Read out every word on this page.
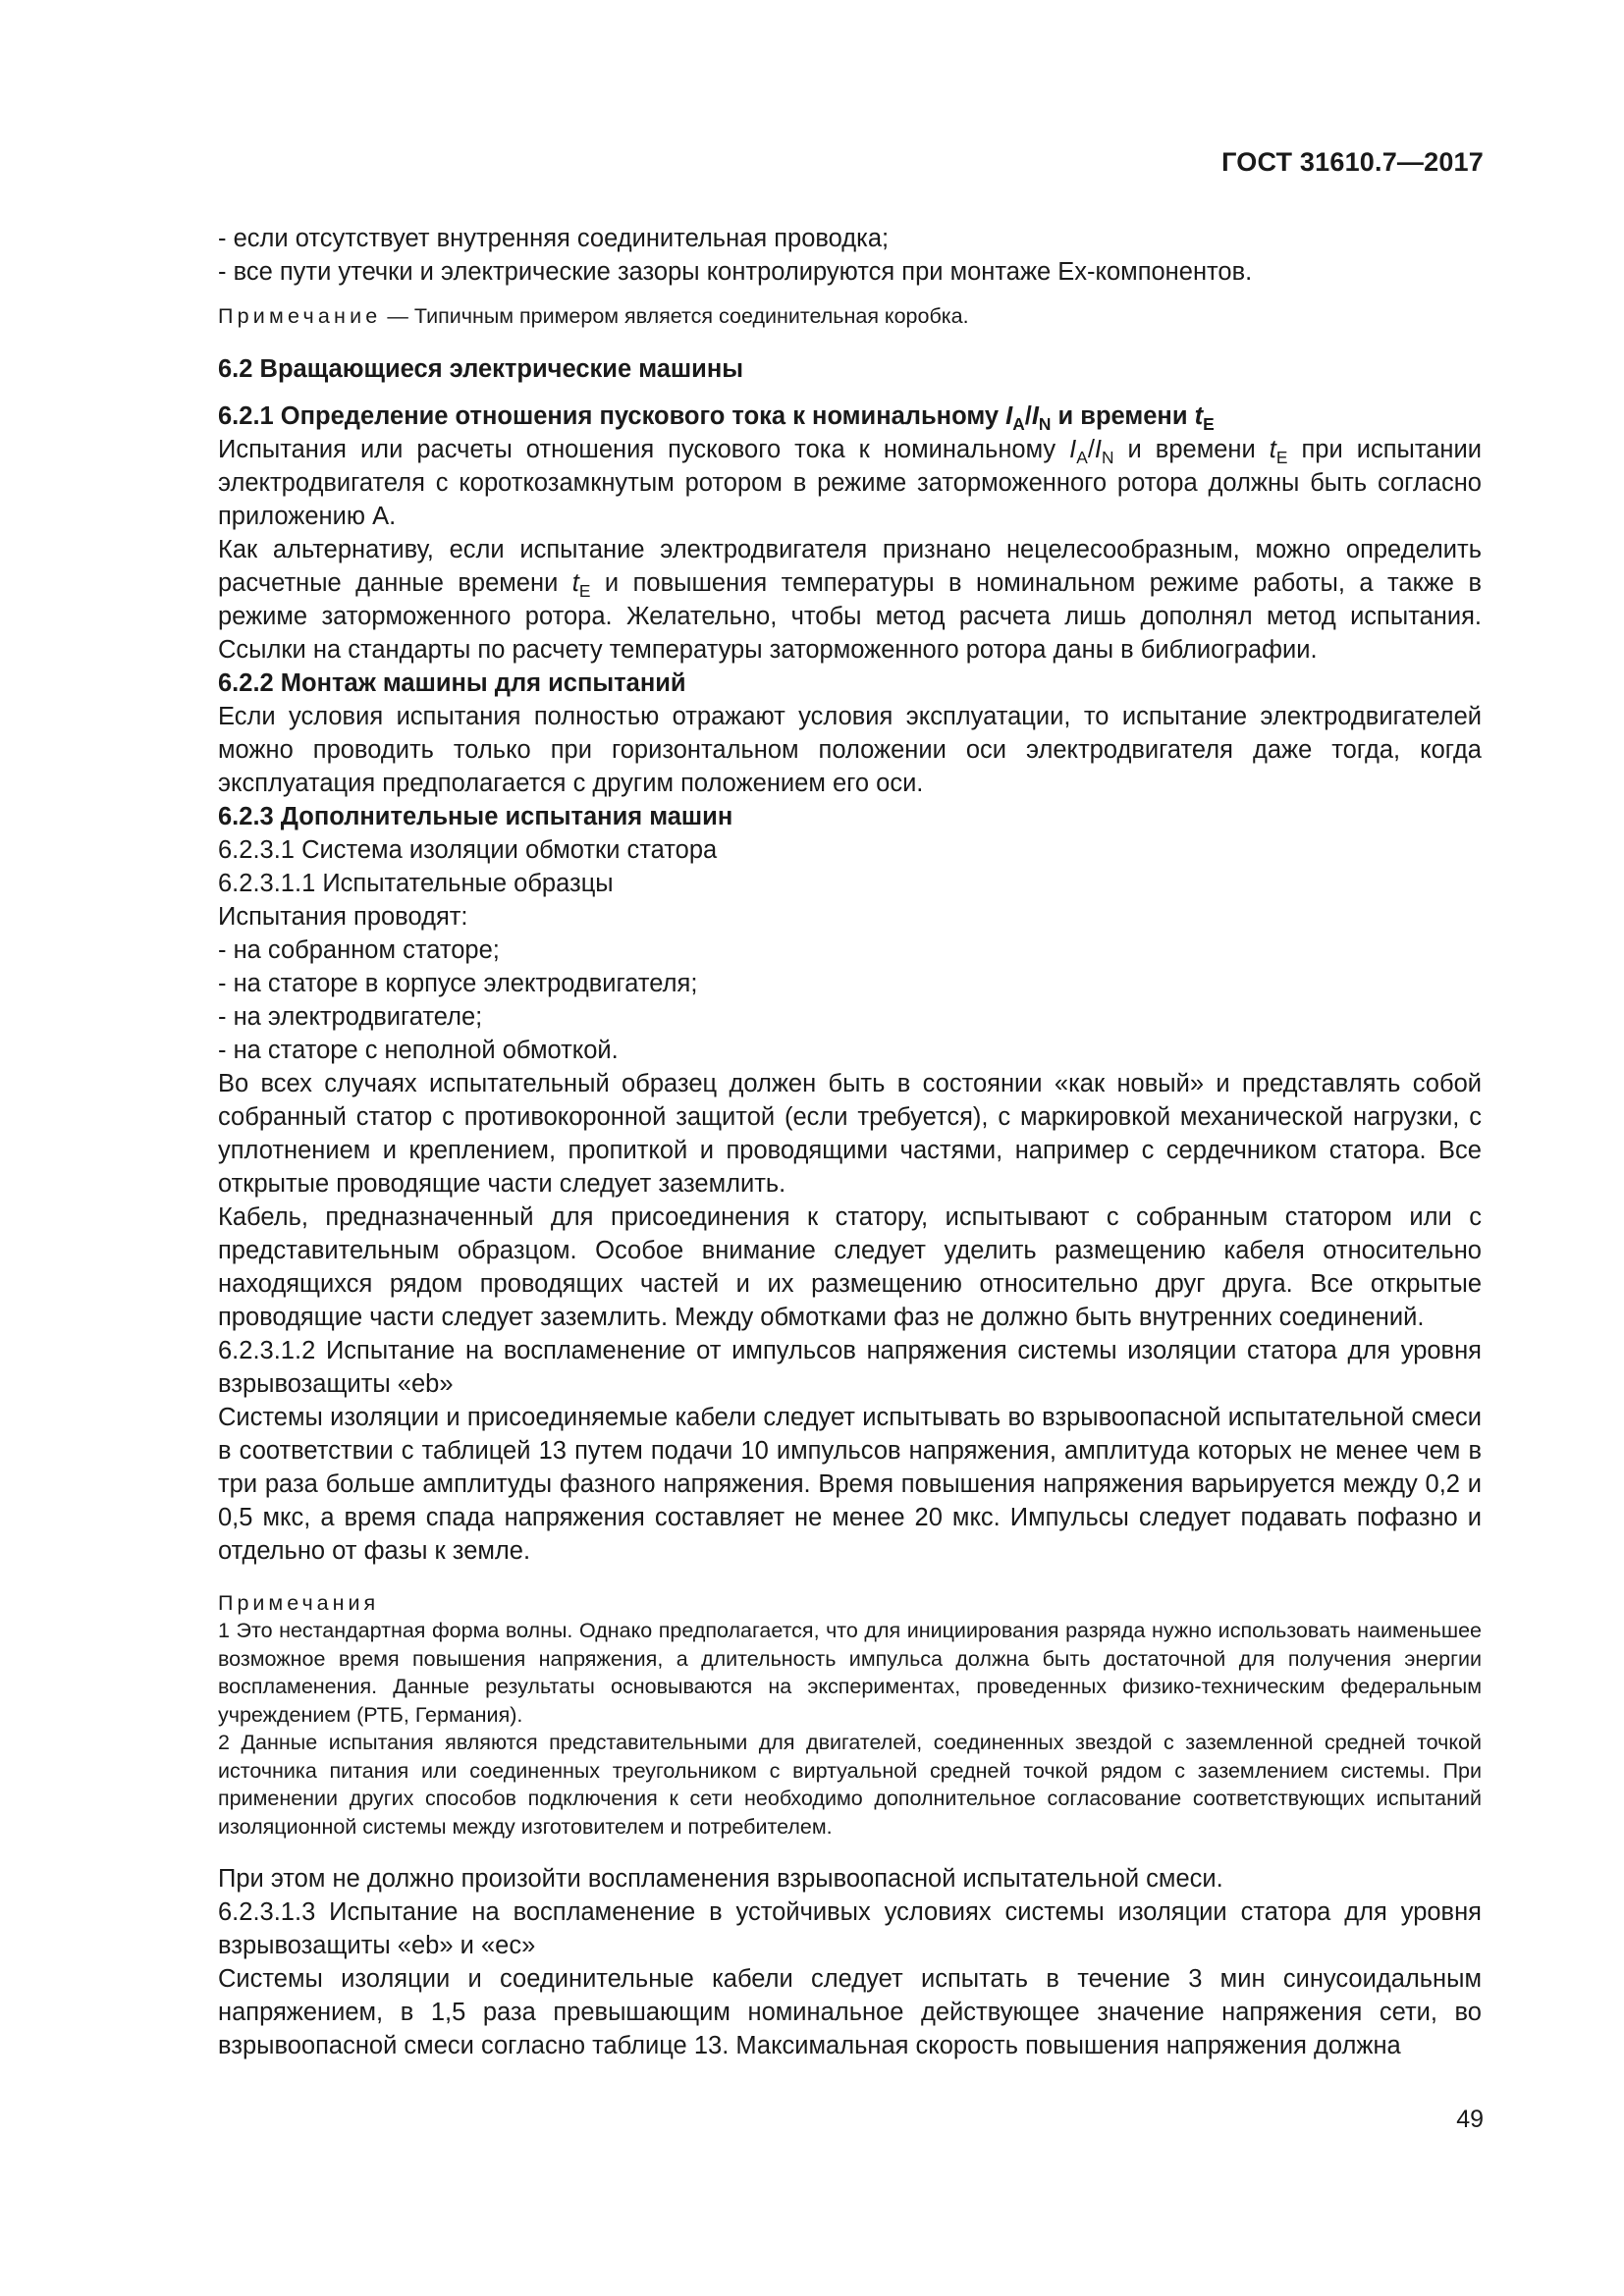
ГОСТ 31610.7—2017

- если отсутствует внутренняя соединительная проводка;

- все пути утечки и электрические зазоры контролируются при монтаже Ex-компонентов.

Примечание — Типичным примером является соединительная коробка.

6.2 Вращающиеся электрические машины

6.2.1 Определение отношения пускового тока к номинальному $I_A/I_N$ и времени $t_E$

Испытания или расчеты отношения пускового тока к номинальному $I_A/I_N$ и времени $t_E$ при испытании электродвигателя с короткозамкнутым ротором в режиме заторможенного ротора должны быть согласно приложению А.

Как альтернативу, если испытание электродвигателя признано нецелесообразным, можно определить расчетные данные времени $t_E$ и повышения температуры в номинальном режиме работы, а также в режиме заторможенного ротора. Желательно, чтобы метод расчета лишь дополнял метод испытания. Ссылки на стандарты по расчету температуры заторможенного ротора даны в библиографии.

6.2.2 Монтаж машины для испытаний

Если условия испытания полностью отражают условия эксплуатации, то испытание электродвигателей можно проводить только при горизонтальном положении оси электродвигателя даже тогда, когда эксплуатация предполагается с другим положением его оси.

6.2.3 Дополнительные испытания машин

6.2.3.1 Система изоляции обмотки статора

6.2.3.1.1 Испытательные образцы

Испытания проводят:

- на собранном статоре;

- на статоре в корпусе электродвигателя;

- на электродвигателе;

- на статоре с неполной обмоткой.

Во всех случаях испытательный образец должен быть в состоянии «как новый» и представлять собой собранный статор с противокоронной защитой (если требуется), с маркировкой механической нагрузки, с уплотнением и креплением, пропиткой и проводящими частями, например с сердечником статора. Все открытые проводящие части следует заземлить.

Кабель, предназначенный для присоединения к статору, испытывают с собранным статором или с представительным образцом. Особое внимание следует уделить размещению кабеля относительно находящихся рядом проводящих частей и их размещению относительно друг друга. Все открытые проводящие части следует заземлить. Между обмотками фаз не должно быть внутренних соединений.

6.2.3.1.2 Испытание на воспламенение от импульсов напряжения системы изоляции статора для уровня взрывозащиты «eb»

Системы изоляции и присоединяемые кабели следует испытывать во взрывоопасной испытательной смеси в соответствии с таблицей 13 путем подачи 10 импульсов напряжения, амплитуда которых не менее чем в три раза больше амплитуды фазного напряжения. Время повышения напряжения варьируется между 0,2 и 0,5 мкс, а время спада напряжения составляет не менее 20 мкс. Импульсы следует подавать пофазно и отдельно от фазы к земле.

Примечания

1 Это нестандартная форма волны. Однако предполагается, что для инициирования разряда нужно использовать наименьшее возможное время повышения напряжения, а длительность импульса должна быть достаточной для получения энергии воспламенения. Данные результаты основываются на экспериментах, проведенных физико-техническим федеральным учреждением (РТБ, Германия).

2 Данные испытания являются представительными для двигателей, соединенных звездой с заземленной средней точкой источника питания или соединенных треугольником с виртуальной средней точкой рядом с заземлением системы. При применении других способов подключения к сети необходимо дополнительное согласование соответствующих испытаний изоляционной системы между изготовителем и потребителем.

При этом не должно произойти воспламенения взрывоопасной испытательной смеси.

6.2.3.1.3 Испытание на воспламенение в устойчивых условиях системы изоляции статора для уровня взрывозащиты «eb» и «ec»

Системы изоляции и соединительные кабели следует испытать в течение 3 мин синусоидальным напряжением, в 1,5 раза превышающим номинальное действующее значение напряжения сети, во взрывоопасной смеси согласно таблице 13. Максимальная скорость повышения напряжения должна

49
